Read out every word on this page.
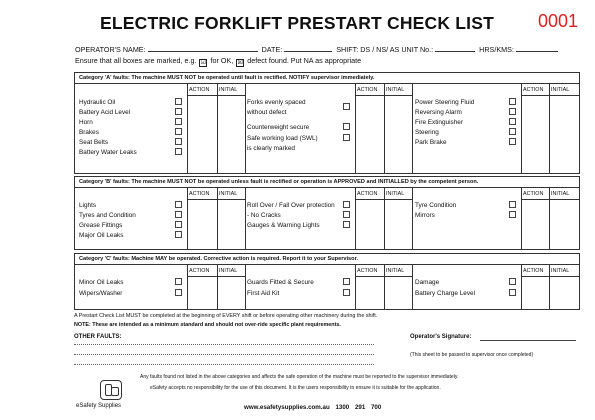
ELECTRIC FORKLIFT PRESTART CHECK LIST 0001
OPERATOR'S NAME:	DATE:	SHIFT: DS / NS/ AS UNIT No.:	HRS/KMS:
Ensure that all boxes are marked, e.g. ☑ for OK, ☒ defect found. Put NA as appropriate
Category 'A' faults: The machine MUST NOT be operated until fault is rectified. NOTIFY supervisor immediately.
ACTION INITIAL
Hydraulic Oil
Battery Acid Level
Horn
Brakes
Seat Belts
Battery Water Leaks
ACTION INITIAL
Forks evenly spaced
without defect
Counterweight secure
Safe working load (SWL)
is clearly marked
ACTION INITIAL
Power Steering Fluid
Reversing Alarm
Fire Extinguisher
Steering
Park Brake
Category 'B' faults: The machine MUST NOT be operated unless fault is rectified or operation is APPROVED and INITIALLED by the competent person.
ACTION INITIAL
Lights
Tyres and Condition
Grease Fittings
Major Oil Leaks
ACTION INITIAL
Roll Over / Fall Over protection
- No Cracks
Gauges & Warning Lights
ACTION INITIAL
Tyre Condition
Mirrors
Category 'C' faults: Machine MAY be operated. Corrective action is required. Report it to your Supervisor.
ACTION INITIAL
Minor Oil Leaks
Wipers/Washer
ACTION INITIAL
Guards Fitted & Secure
First Aid Kit
ACTION INITIAL
Damage
Battery Charge Level
A Prestart Check List MUST be completed at the beginning of EVERY shift or before operating other machinery during the shift.
NOTE: These are intended as a minimum standard and should not over-ride specific plant requirements.
OTHER FAULTS:	Operator's Signature:
(This sheet to be passed to supervisor once completed)
Any faults found not listed in the above categories and affects the safe operation of the machine must be reported to the supervisor immediately.
eSafety accepts no responsibility for the use of this document. It is the users responsibility to ensure it is suitable for the application.
eSafety Supplies	www.esafetysupplies.com.au 1300 291 700
